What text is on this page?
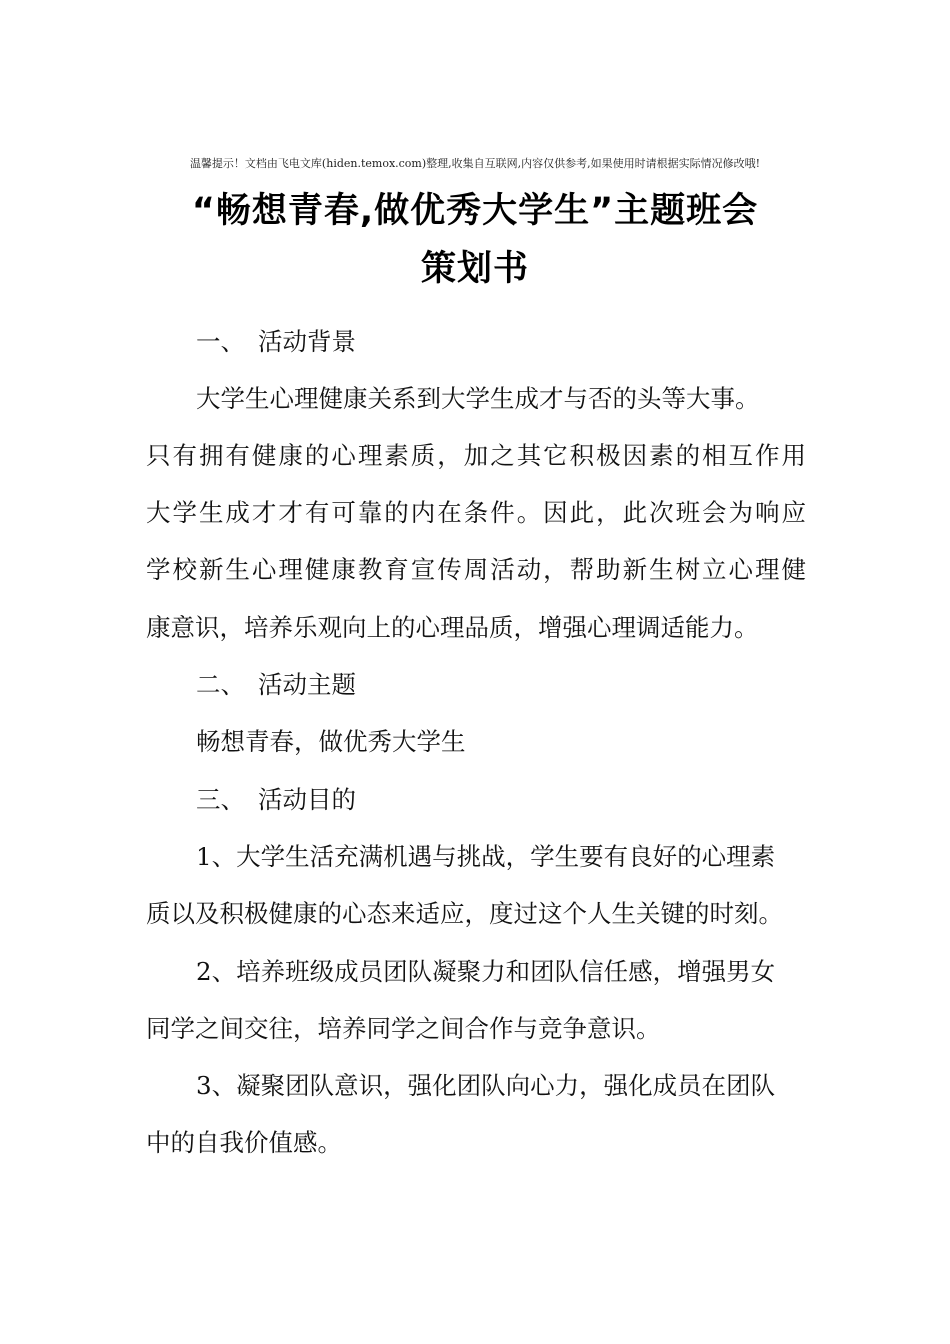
温馨提示！文档由飞电文库(hiden.temox.com)整理,收集自互联网,内容仅供参考,如果使用时请根据实际情况修改哦!
“畅想青春,做优秀大学生”主题班会
策划书
一、 活动背景
大学生心理健康关系到大学生成才与否的头等大事。
只有拥有健康的心理素质，加之其它积极因素的相互作用
大学生成才才有可靠的内在条件。因此，此次班会为响应
学校新生心理健康教育宣传周活动，帮助新生树立心理健
康意识，培养乐观向上的心理品质，增强心理调适能力。
二、 活动主题
畅想青春，做优秀大学生
三、 活动目的
1、大学生活充满机遇与挑战，学生要有良好的心理素
质以及积极健康的心态来适应，度过这个人生关键的时刻。
2、培养班级成员团队凝聚力和团队信任感，增强男女
同学之间交往，培养同学之间合作与竞争意识。
3、凝聚团队意识，强化团队向心力，强化成员在团队
中的自我价值感。
